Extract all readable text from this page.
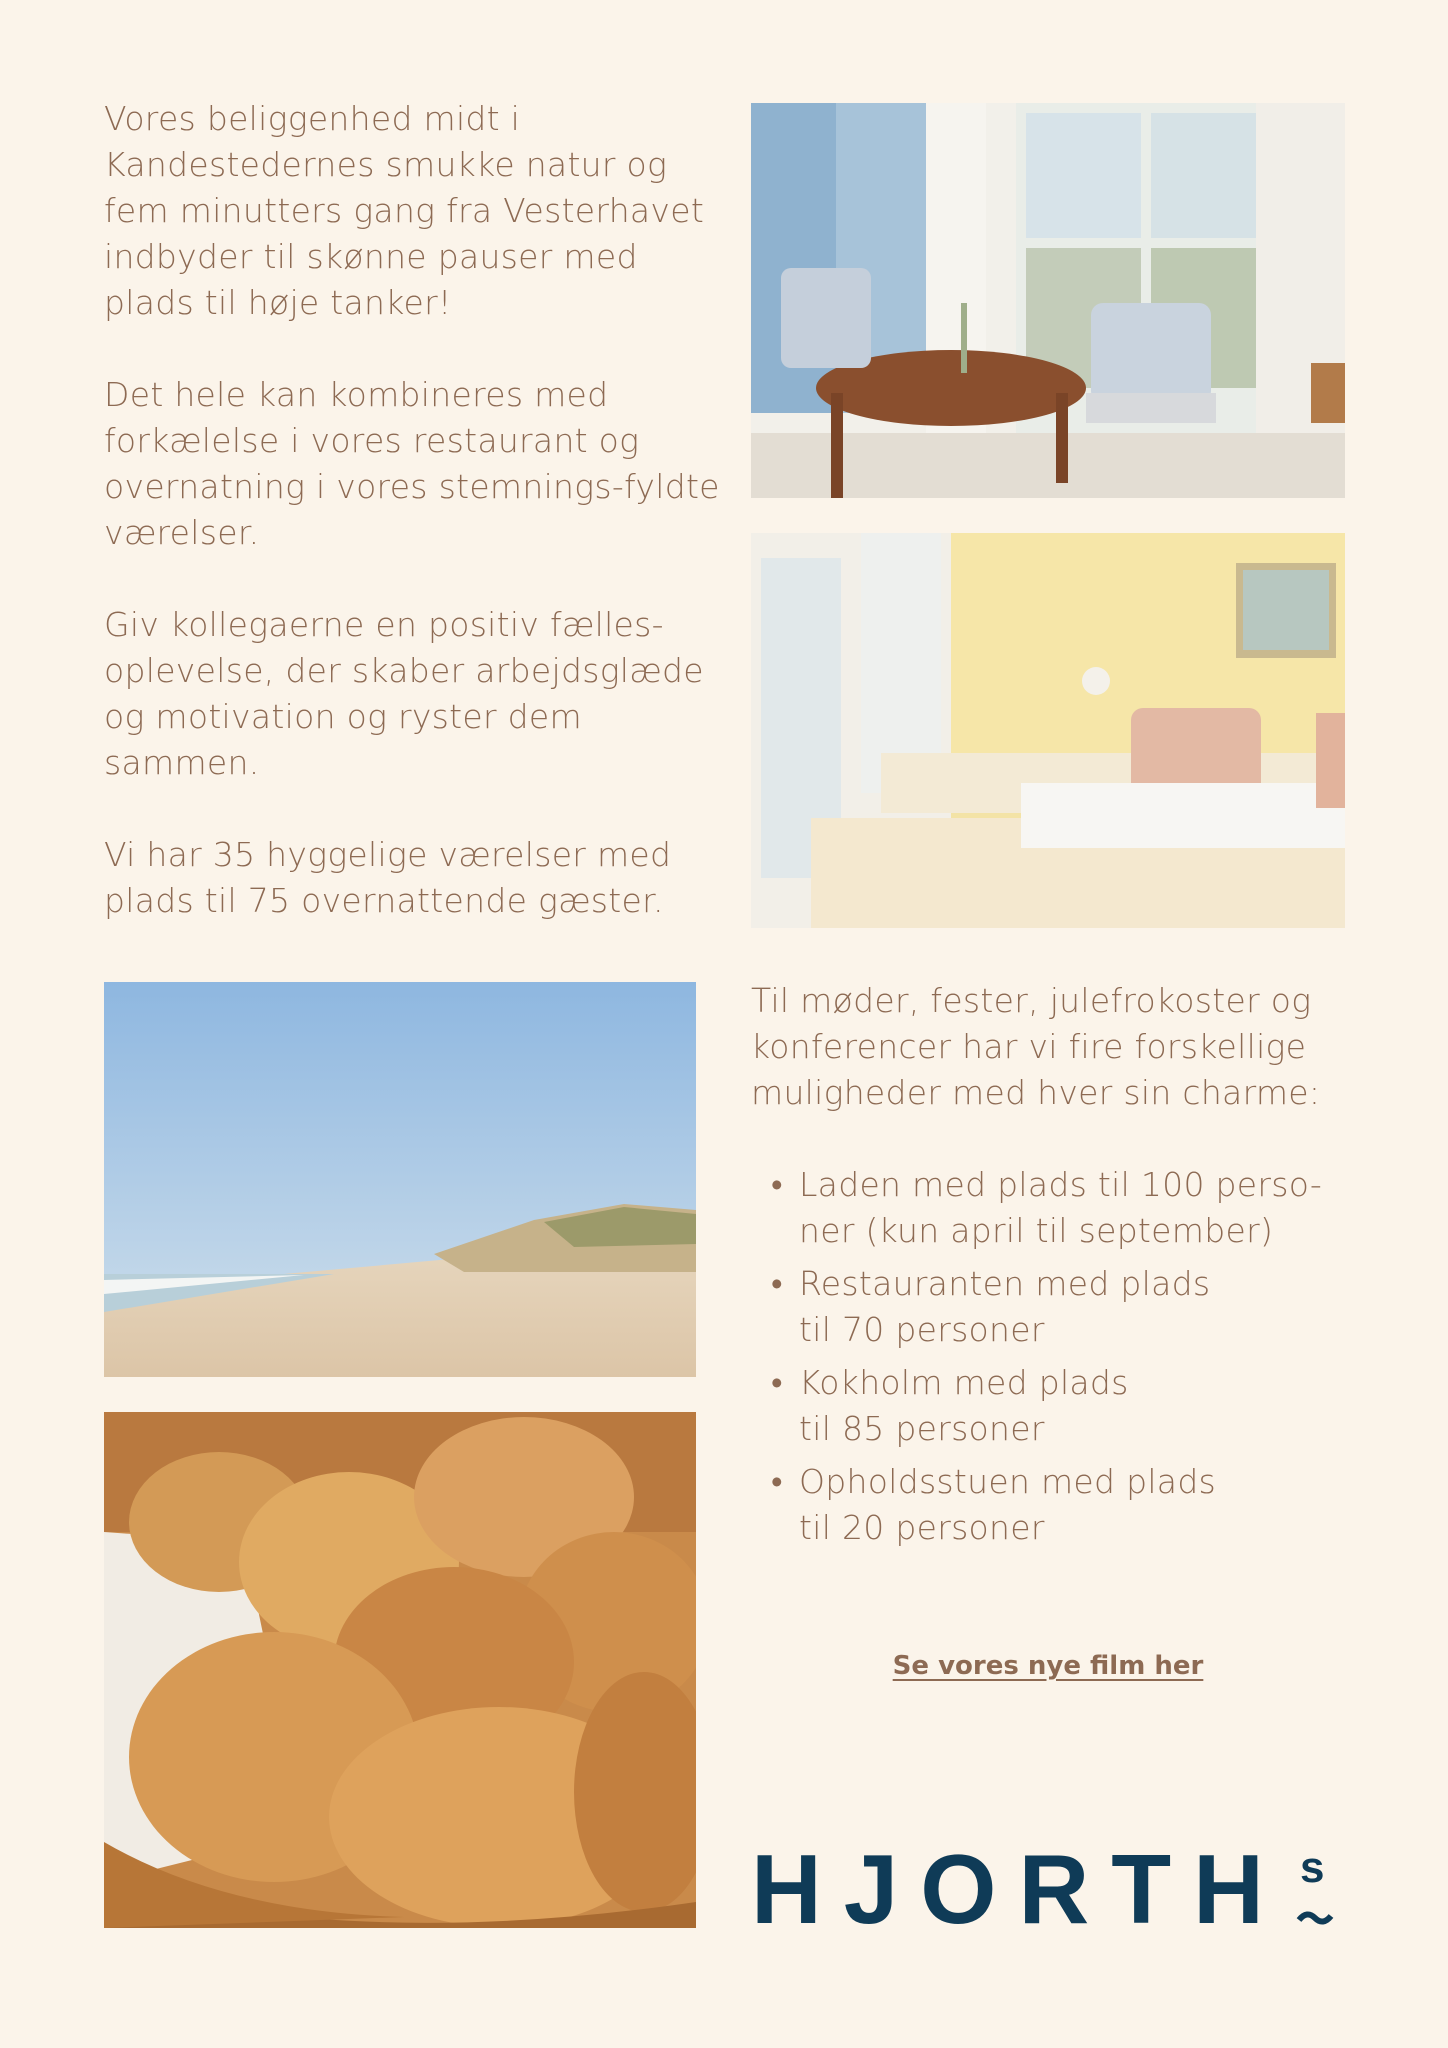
Vores beliggenhed midt i Kandestedernes smukke natur og fem minutters gang fra Vesterhavet indbyder til skønne pauser med plads til høje tanker!

Det hele kan kombineres med forkælelse i vores restaurant og overnatning i vores stemnings-fyldte værelser.

Giv kollegaerne en positiv fælles-oplevelse, der skaber arbejdsglæde og motivation og ryster dem sammen.

Vi har 35 hyggelige værelser med plads til 75 overnattende gæster.

Til møder, fester, julefrokoster og konferencer har vi fire forskellige muligheder med hver sin charme:

• Laden med plads til 100 perso-
ner (kun april til september)
• Restauranten med plads
til 70 personer
• Kokholm med plads
til 85 personer
• Opholdsstuen med plads
til 20 personer
Se vores nye film her
HJORTH s
